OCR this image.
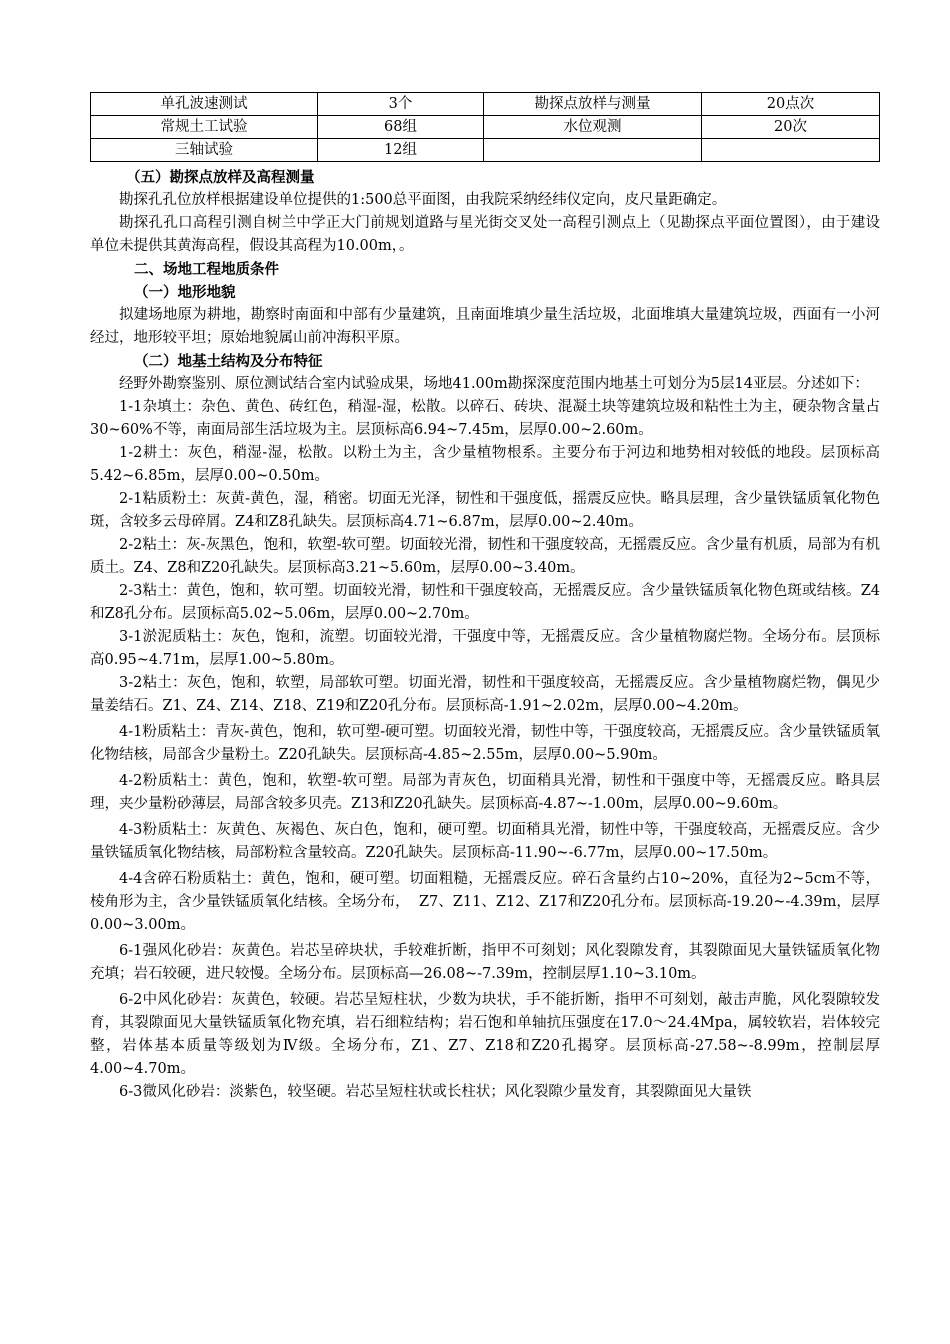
单孔波速测试	3个	勘探点放样与测量	20点次
常规土工试验	68组	水位观测	20次
三轴试验	12组		

（五）勘探点放样及高程测量

勘探孔孔位放样根据建设单位提供的1:500总平面图，由我院采纳经纬仪定向，皮尺量距确定。

勘探孔孔口高程引测自树兰中学正大门前规划道路与星光街交叉处一高程引测点上（见勘探点平面位置图），由于建设单位未提供其黄海高程，假设其高程为10.00m，。

二、场地工程地质条件

（一）地形地貌

拟建场地原为耕地，勘察时南面和中部有少量建筑，且南面堆填少量生活垃圾，北面堆填大量建筑垃圾，西面有一小河经过，地形较平坦；原始地貌属山前冲海积平原。

（二）地基土结构及分布特征

经野外勘察鉴别、原位测试结合室内试验成果，场地41.00m勘探深度范围内地基土可划分为5层14亚层。分述如下：

1-1杂填土：杂色、黄色、砖红色，稍湿-湿，松散。以碎石、砖块、混凝土块等建筑垃圾和粘性土为主，硬杂物含量占30~60%不等，南面局部生活垃圾为主。层顶标高6.94~7.45m，层厚0.00~2.60m。

1-2耕土：灰色，稍湿-湿，松散。以粉土为主，含少量植物根系。主要分布于河边和地势相对较低的地段。层顶标高5.42~6.85m，层厚0.00~0.50m。

2-1粘质粉土：灰黄-黄色，湿，稍密。切面无光泽，韧性和干强度低，摇震反应快。略具层理，含少量铁锰质氧化物色斑，含较多云母碎屑。Z4和Z8孔缺失。层顶标高4.71~6.87m，层厚0.00~2.40m。

2-2粘土：灰-灰黑色，饱和，软塑-软可塑。切面较光滑，韧性和干强度较高，无摇震反应。含少量有机质，局部为有机质土。Z4、Z8和Z20孔缺失。层顶标高3.21~5.60m，层厚0.00~3.40m。

2-3粘土：黄色，饱和，软可塑。切面较光滑，韧性和干强度较高，无摇震反应。含少量铁锰质氧化物色斑或结核。Z4和Z8孔分布。层顶标高5.02~5.06m，层厚0.00~2.70m。

3-1淤泥质粘土：灰色，饱和，流塑。切面较光滑，干强度中等，无摇震反应。含少量植物腐烂物。全场分布。层顶标高0.95~4.71m，层厚1.00~5.80m。

3-2粘土：灰色，饱和，软塑，局部软可塑。切面光滑，韧性和干强度较高，无摇震反应。含少量植物腐烂物，偶见少量姜结石。Z1、Z4、Z14、Z18、Z19和Z20孔分布。层顶标高-1.91~2.02m，层厚0.00~4.20m。

4-1粉质粘土：青灰-黄色，饱和，软可塑-硬可塑。切面较光滑，韧性中等，干强度较高，无摇震反应。含少量铁锰质氧化物结核，局部含少量粉土。Z20孔缺失。层顶标高-4.85~2.55m，层厚0.00~5.90m。

4-2粉质粘土：黄色，饱和，软塑-软可塑。局部为青灰色，切面稍具光滑，韧性和干强度中等，无摇震反应。略具层理，夹少量粉砂薄层，局部含较多贝壳。Z13和Z20孔缺失。层顶标高-4.87~-1.00m，层厚0.00~9.60m。

4-3粉质粘土：灰黄色、灰褐色、灰白色，饱和，硬可塑。切面稍具光滑，韧性中等，干强度较高，无摇震反应。含少量铁锰质氧化物结核，局部粉粒含量较高。Z20孔缺失。层顶标高-11.90~-6.77m，层厚0.00~17.50m。

4-4含碎石粉质粘土：黄色，饱和，硬可塑。切面粗糙，无摇震反应。碎石含量约占10~20%，直径为2~5cm不等，棱角形为主，含少量铁锰质氧化结核。全场分布，  Z7、Z11、Z12、Z17和Z20孔分布。层顶标高-19.20~-4.39m，层厚0.00~3.00m。

6-1强风化砂岩：灰黄色。岩芯呈碎块状，手较难折断，指甲不可刻划；风化裂隙发育，其裂隙面见大量铁锰质氧化物充填；岩石较硬，进尺较慢。全场分布。层顶标高—26.08~-7.39m，控制层厚1.10~3.10m。

6-2中风化砂岩：灰黄色，较硬。岩芯呈短柱状，少数为块状，手不能折断，指甲不可刻划，敲击声脆，风化裂隙较发育，其裂隙面见大量铁锰质氧化物充填，岩石细粒结构；岩石饱和单轴抗压强度在17.0～24.4Mpa，属较软岩，岩体较完整，岩体基本质量等级划为Ⅳ级。全场分布，Z1、Z7、Z18和Z20孔揭穿。层顶标高-27.58~-8.99m，控制层厚4.00~4.70m。

6-3微风化砂岩：淡紫色，较坚硬。岩芯呈短柱状或长柱状；风化裂隙少量发育，其裂隙面见大量铁
